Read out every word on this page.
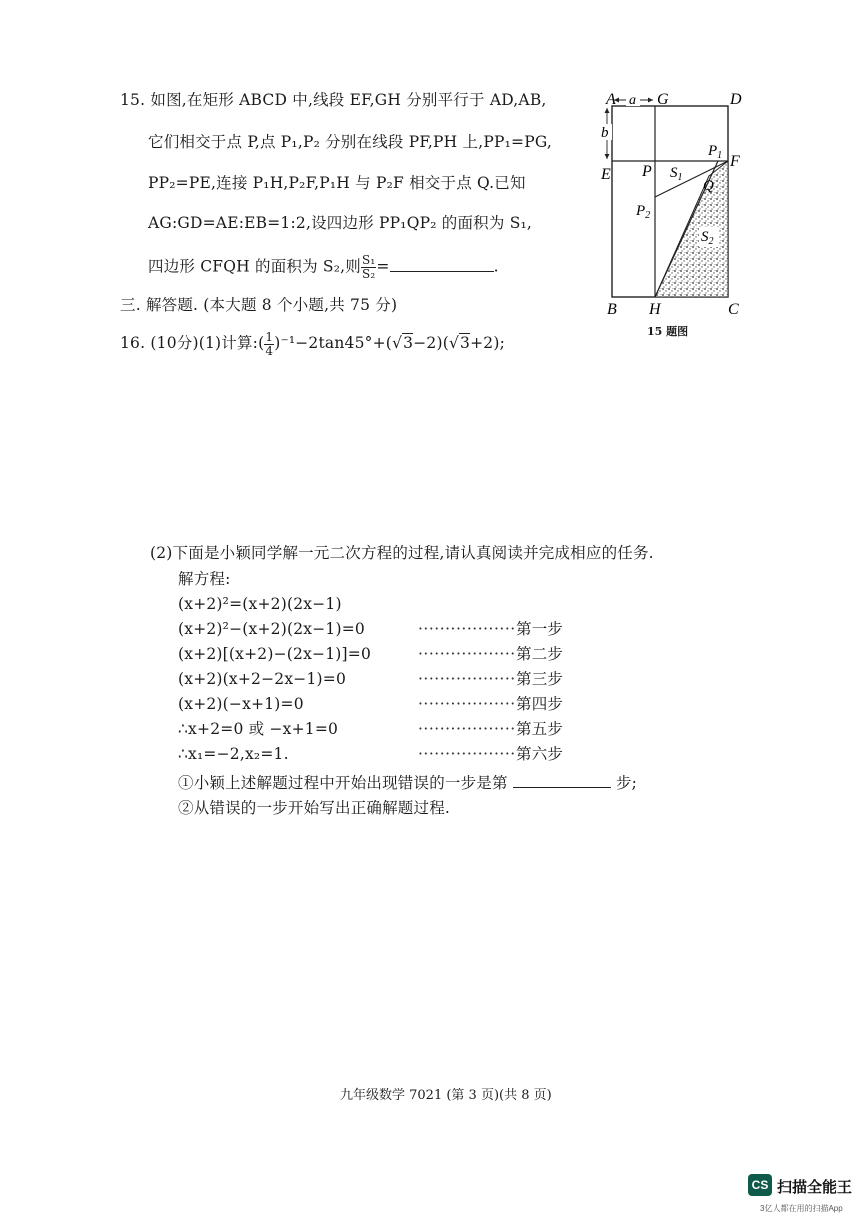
15. 如图,在矩形 ABCD 中,线段 EF,GH 分别平行于 AD,AB,
它们相交于点 P,点 P₁,P₂ 分别在线段 PF,PH 上,PP₁=PG,
PP₂=PE,连接 P₁H,P₂F,P₁H 与 P₂F 相交于点 Q.已知
AG:GD=AE:EB=1:2,设四边形 PP₁QP₂ 的面积为 S₁,
四边形 CFQH 的面积为 S₂,则 $\frac{\text{S₁}}{\text{S₂}}$ =	.
A	G	D
a
b
E P
$P_1$ F
$S_1$
Q
$P_2$
$S_2$
B H	C
15 题图
三. 解答题. (本大题 8 个小题,共 75 分)
16. (10分)(1)计算:( $\frac{1}{4} )^{-1}-2\tan 45^\circ+(√3-2)(√3+2)$;
(2)下面是小颖同学解一元二次方程的过程,请认真阅读并完成相应的任务.
解方程:
(x+2)²=(x+2)(2x−1)
(x+2)²−(x+2)(2x−1)=0	·················· 第一步
(x+2)[(x+2)−(2x−1)]=0	·················· 第二步
(x+2)(x+2−2x−1)=0	·················· 第三步
(x+2)(−x+1)=0	·················· 第四步
∴x+2=0 或 −x+1=0	·················· 第五步
∴x₁=−2,x₂=1.	·················· 第六步
①小颖上述解题过程中开始出现错误的一步是第	步;
②从错误的一步开始写出正确解题过程.
九年级数学 7021 (第 3 页)(共 8 页)
CS 扫描全能王
3亿人都在用的扫描App
